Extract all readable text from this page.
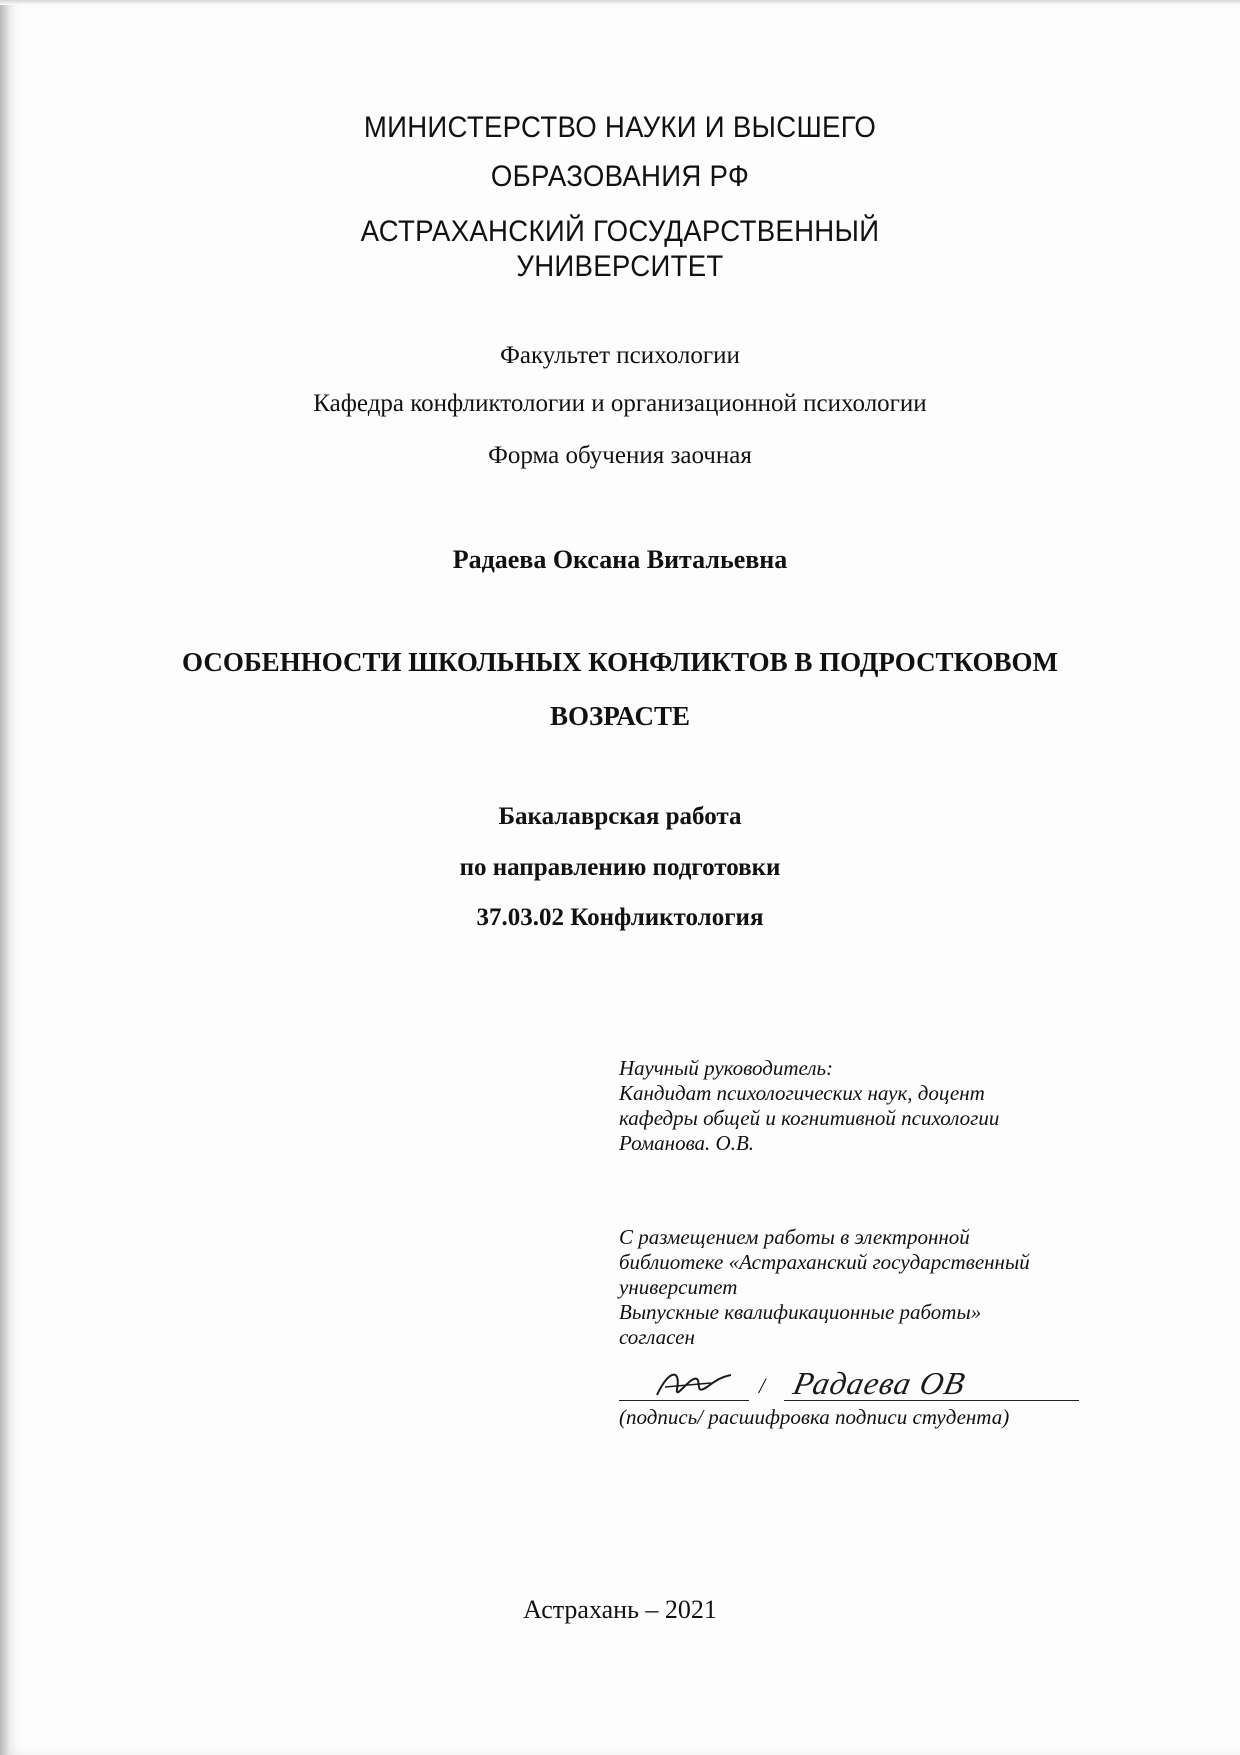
МИНИСТЕРСТВО НАУКИ И ВЫСШЕГО
ОБРАЗОВАНИЯ РФ
АСТРАХАНСКИЙ ГОСУДАРСТВЕННЫЙ
УНИВЕРСИТЕТ
Факультет психологии
Кафедра конфликтологии и организационной психологии
Форма обучения заочная
Радаева Оксана Витальевна
ОСОБЕННОСТИ ШКОЛЬНЫХ КОНФЛИКТОВ В ПОДРОСТКОВОМ
ВОЗРАСТЕ
Бакалаврская работа
по направлению подготовки
37.03.02 Конфликтология
Научный руководитель:
Кандидат психологических наук, доцент
кафедры общей и когнитивной психологии
Романова. О.В.
С размещением работы в электронной
библиотеке «Астраханский государственный
университет
Выпускные квалификационные работы»
согласен
/ Радаева ОВ
(подпись/ расшифровка подписи студента)
Астрахань – 2021
